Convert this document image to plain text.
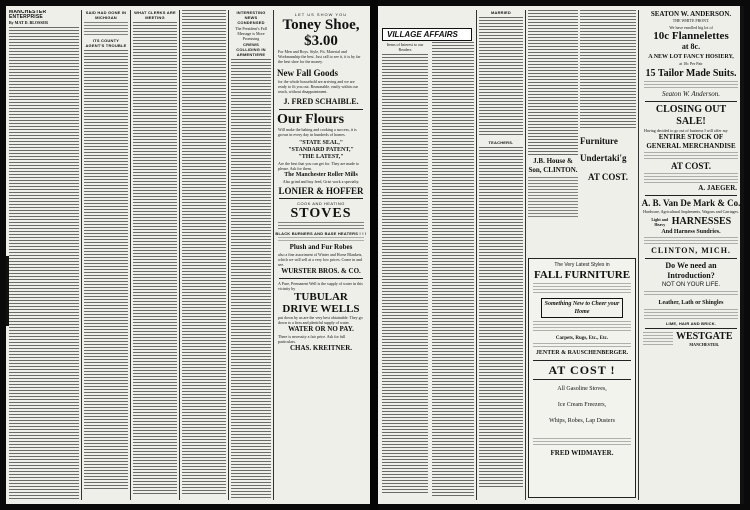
MANCHESTER ENTERPRISE
By MAT D. BLOSSER
SAID HAD GONE IN MICHIGAN
ITS COUNTY AGENT'S TROUBLE
WHAT CLERKS ARE MEETING
INTERESTING NEWS CONDENSED
The President's Fall Message is More Promising
CREWS COLLIDING IN ARMENTIERE
LET US SHOW YOU
Toney Shoe, $3.00
For Men and Boys. Style, Fit, Material and Workmanship the best. Just call to see it, it is by far the best shoe for the money.
New Fall Goods
for the whole household are arriving and we are ready to fit you out. Reasonable, easily within our reach, without disappointment.
J. FRED SCHAIBLE.
Our Flours
Will make the baking and cooking a success, it is grown in every day in hundreds of homes.
"STATE SEAL,"
"STANDARD PATENT,"
"THE LATEST,"
Are the best that you can get for. They are made to please. Ask for them.
The Manchester Roller Mills
Also grind and buy feed, Grist work a specialty.
LONIER & HOFFER
COOK AND HEATING
STOVES
BLACK BURNERS AND BASE HEATERS ! ! !
Plush and Fur Robes
also a fine assortment of Winter and Horse Blankets, which we will sell at a very low prices. Come in and see.
WURSTER BROS. & CO.
A Pure, Permanent Well is the supply of water in this vicinity by
TUBULAR
DRIVE WELLS
put down by us are the very best obtainable. They go down to a firm and plentiful supply of water.
WATER OR NO PAY.
There is necessity a fair price. Ask for full particulars.
CHAS. KREITNER.
VILLAGE AFFAIRS
Items of Interest to our Readers
MARRIED
TEACHERS.
J.B. House & Son, CLINTON.
Furniture
Undertaki'g
AT COST.
The Very Latest Styles in
FALL FURNITURE
Something New to Cheer your Home
Carpets, Rugs, Etc., Etc.
JENTER & RAUSCHENBERGER.
AT COST !
All Gasoline Stoves,
Ice Cream Freezers,
Whips, Robes, Lap Dusters
FRED WIDMAYER.
SEATON W. ANDERSON.
THE WHITE FRONT.
We have enrolled big lot of
10c Flannelettes
at 8c.
A NEW LOT FANCY HOSIERY,
at 10c Per Pair
15 Tailor Made Suits.
Seaton W. Anderson.
CLOSING OUT SALE!
Having decided to go out of business I will offer my
ENTIRE STOCK OF
GENERAL MERCHANDISE
AT COST.
A. JAEGER.
A. B. Van De Mark & Co.
Hardware, Agricultural Implements, Wagons and Carriages.
Light and Heavy HARNESSES
And Harness Sundries.
CLINTON, MICH.
Do We need an Introduction?
NOT ON YOUR LIFE.
Leather, Lath or Shingles
LIME, HAIR AND BRICK.
WESTGATE
MANCHESTER.
